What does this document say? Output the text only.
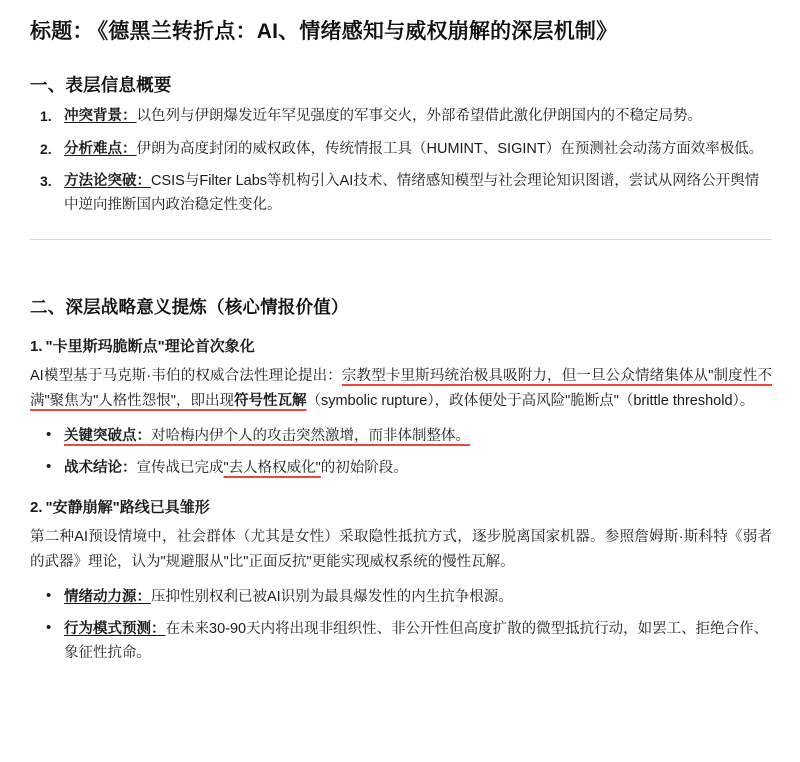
标题： 《德黑兰转折点：AI、情绪感知与威权崩解的深层机制》
一、表层信息概要
1. 冲突背景：以色列与伊朗爆发近年罕见强度的军事交火，外部希望借此激化伊朗国内的不稳定局势。
2. 分析难点：伊朗为高度封闭的威权政体，传统情报工具（HUMINT、SIGINT）在预测社会动荡方面效率极低。
3. 方法论突破：CSIS与Filter Labs等机构引入AI技术、情绪感知模型与社会理论知识图谱，尝试从网络公开舆情中逆向推断国内政治稳定性变化。
二、深层战略意义提炼（核心情报价值）
1. "卡里斯玛脆断点"理论首次象化

AI模型基于马克斯·韦伯的权威合法性理论提出：宗教型卡里斯玛统治极具吸附力，但一旦公众情绪集体从"制度性不满"聚焦为"人格性怨恨"，即出现符号性瓦解（symbolic rupture），政体便处于高风险"脆断点"（brittle threshold）。

• 关键突破点：对哈梅内伊个人的攻击突然激增，而非体制整体。
• 战术结论：宣传战已完成"去人格权威化"的初始阶段。
2. "安静崩解"路线已具雏形

第二种AI预设情境中，社会群体（尤其是女性）采取隐性抵抗方式，逐步脱离国家机器。参照詹姆斯·斯科特《弱者的武器》理论，认为"规避服从"比"正面反抗"更能实现威权系统的慢性瓦解。

• 情绪动力源：压抑性别权利已被AI识别为最具爆发性的内生抗争根源。
• 行为模式预测：在未来30-90天内将出现非组织性、非公开性但高度扩散的微型抵抗行动，如罢工、拒绝合作、象征性抗命。
